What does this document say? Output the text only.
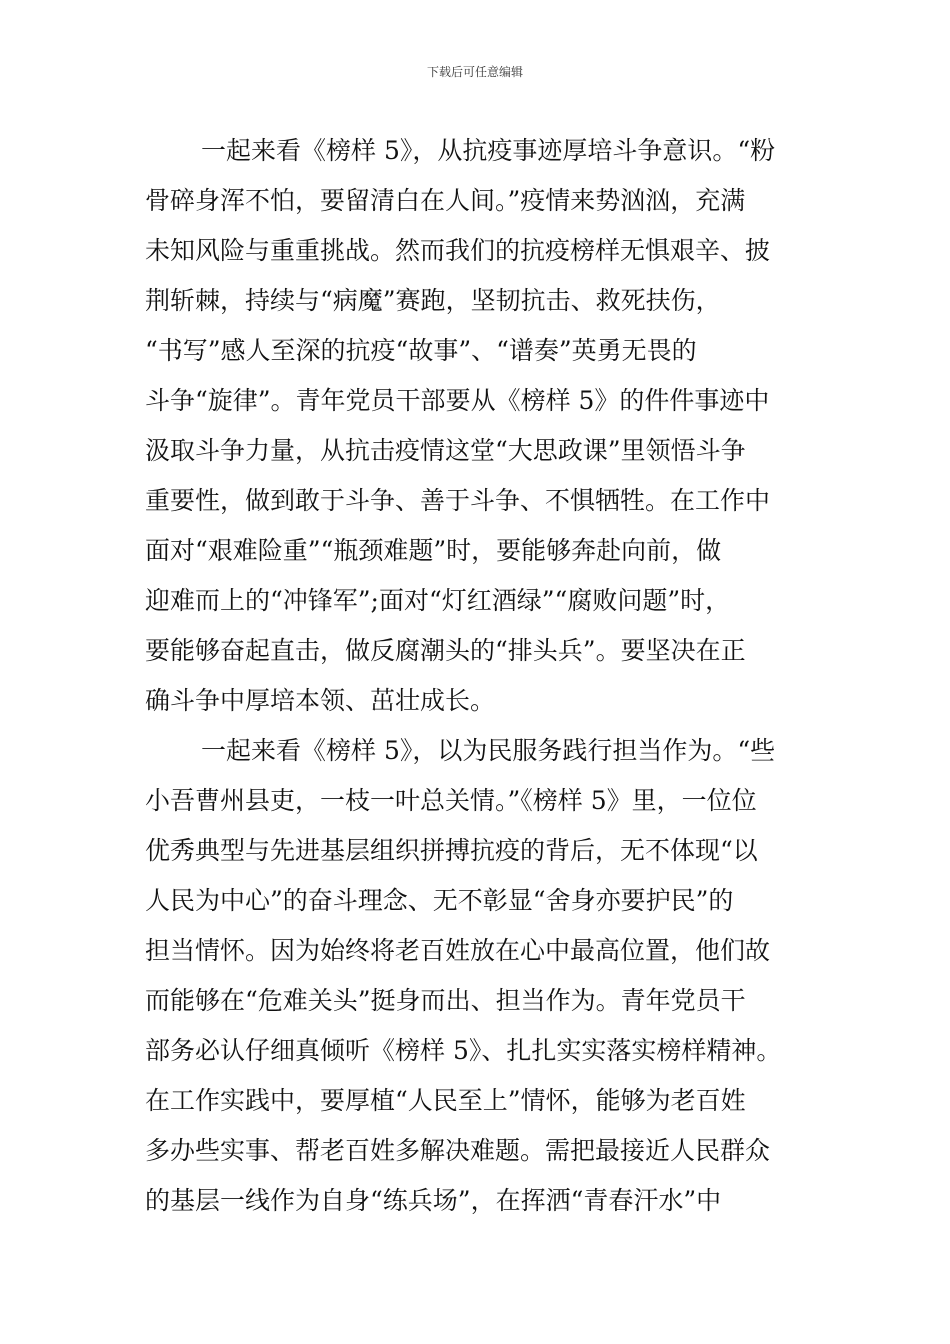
下载后可任意编辑
一起来看《榜样 5》，从抗疫事迹厚培斗争意识。“粉
骨碎身浑不怕，要留清白在人间。”疫情来势汹汹，充满
未知风险与重重挑战。然而我们的抗疫榜样无惧艰辛、披
荆斩棘，持续与“病魔”赛跑，坚韧抗击、救死扶伤，
“书写”感人至深的抗疫“故事”、“谱奏”英勇无畏的
斗争“旋律”。青年党员干部要从《榜样 5》的件件事迹中
汲取斗争力量，从抗击疫情这堂“大思政课”里领悟斗争
重要性，做到敢于斗争、善于斗争、不惧牺牲。在工作中
面对“艰难险重”“瓶颈难题”时，要能够奔赴向前，做
迎难而上的“冲锋军”;面对“灯红酒绿”“腐败问题”时，
要能够奋起直击，做反腐潮头的“排头兵”。要坚决在正
确斗争中厚培本领、茁壮成长。
一起来看《榜样 5》，以为民服务践行担当作为。“些
小吾曹州县吏，一枝一叶总关情。”《榜样 5》里，一位位
优秀典型与先进基层组织拼搏抗疫的背后，无不体现“以
人民为中心”的奋斗理念、无不彰显“舍身亦要护民”的
担当情怀。因为始终将老百姓放在心中最高位置，他们故
而能够在“危难关头”挺身而出、担当作为。青年党员干
部务必认仔细真倾听《榜样 5》、扎扎实实落实榜样精神。
在工作实践中，要厚植“人民至上”情怀，能够为老百姓
多办些实事、帮老百姓多解决难题。需把最接近人民群众
的基层一线作为自身“练兵场”，在挥洒“青春汗水”中
